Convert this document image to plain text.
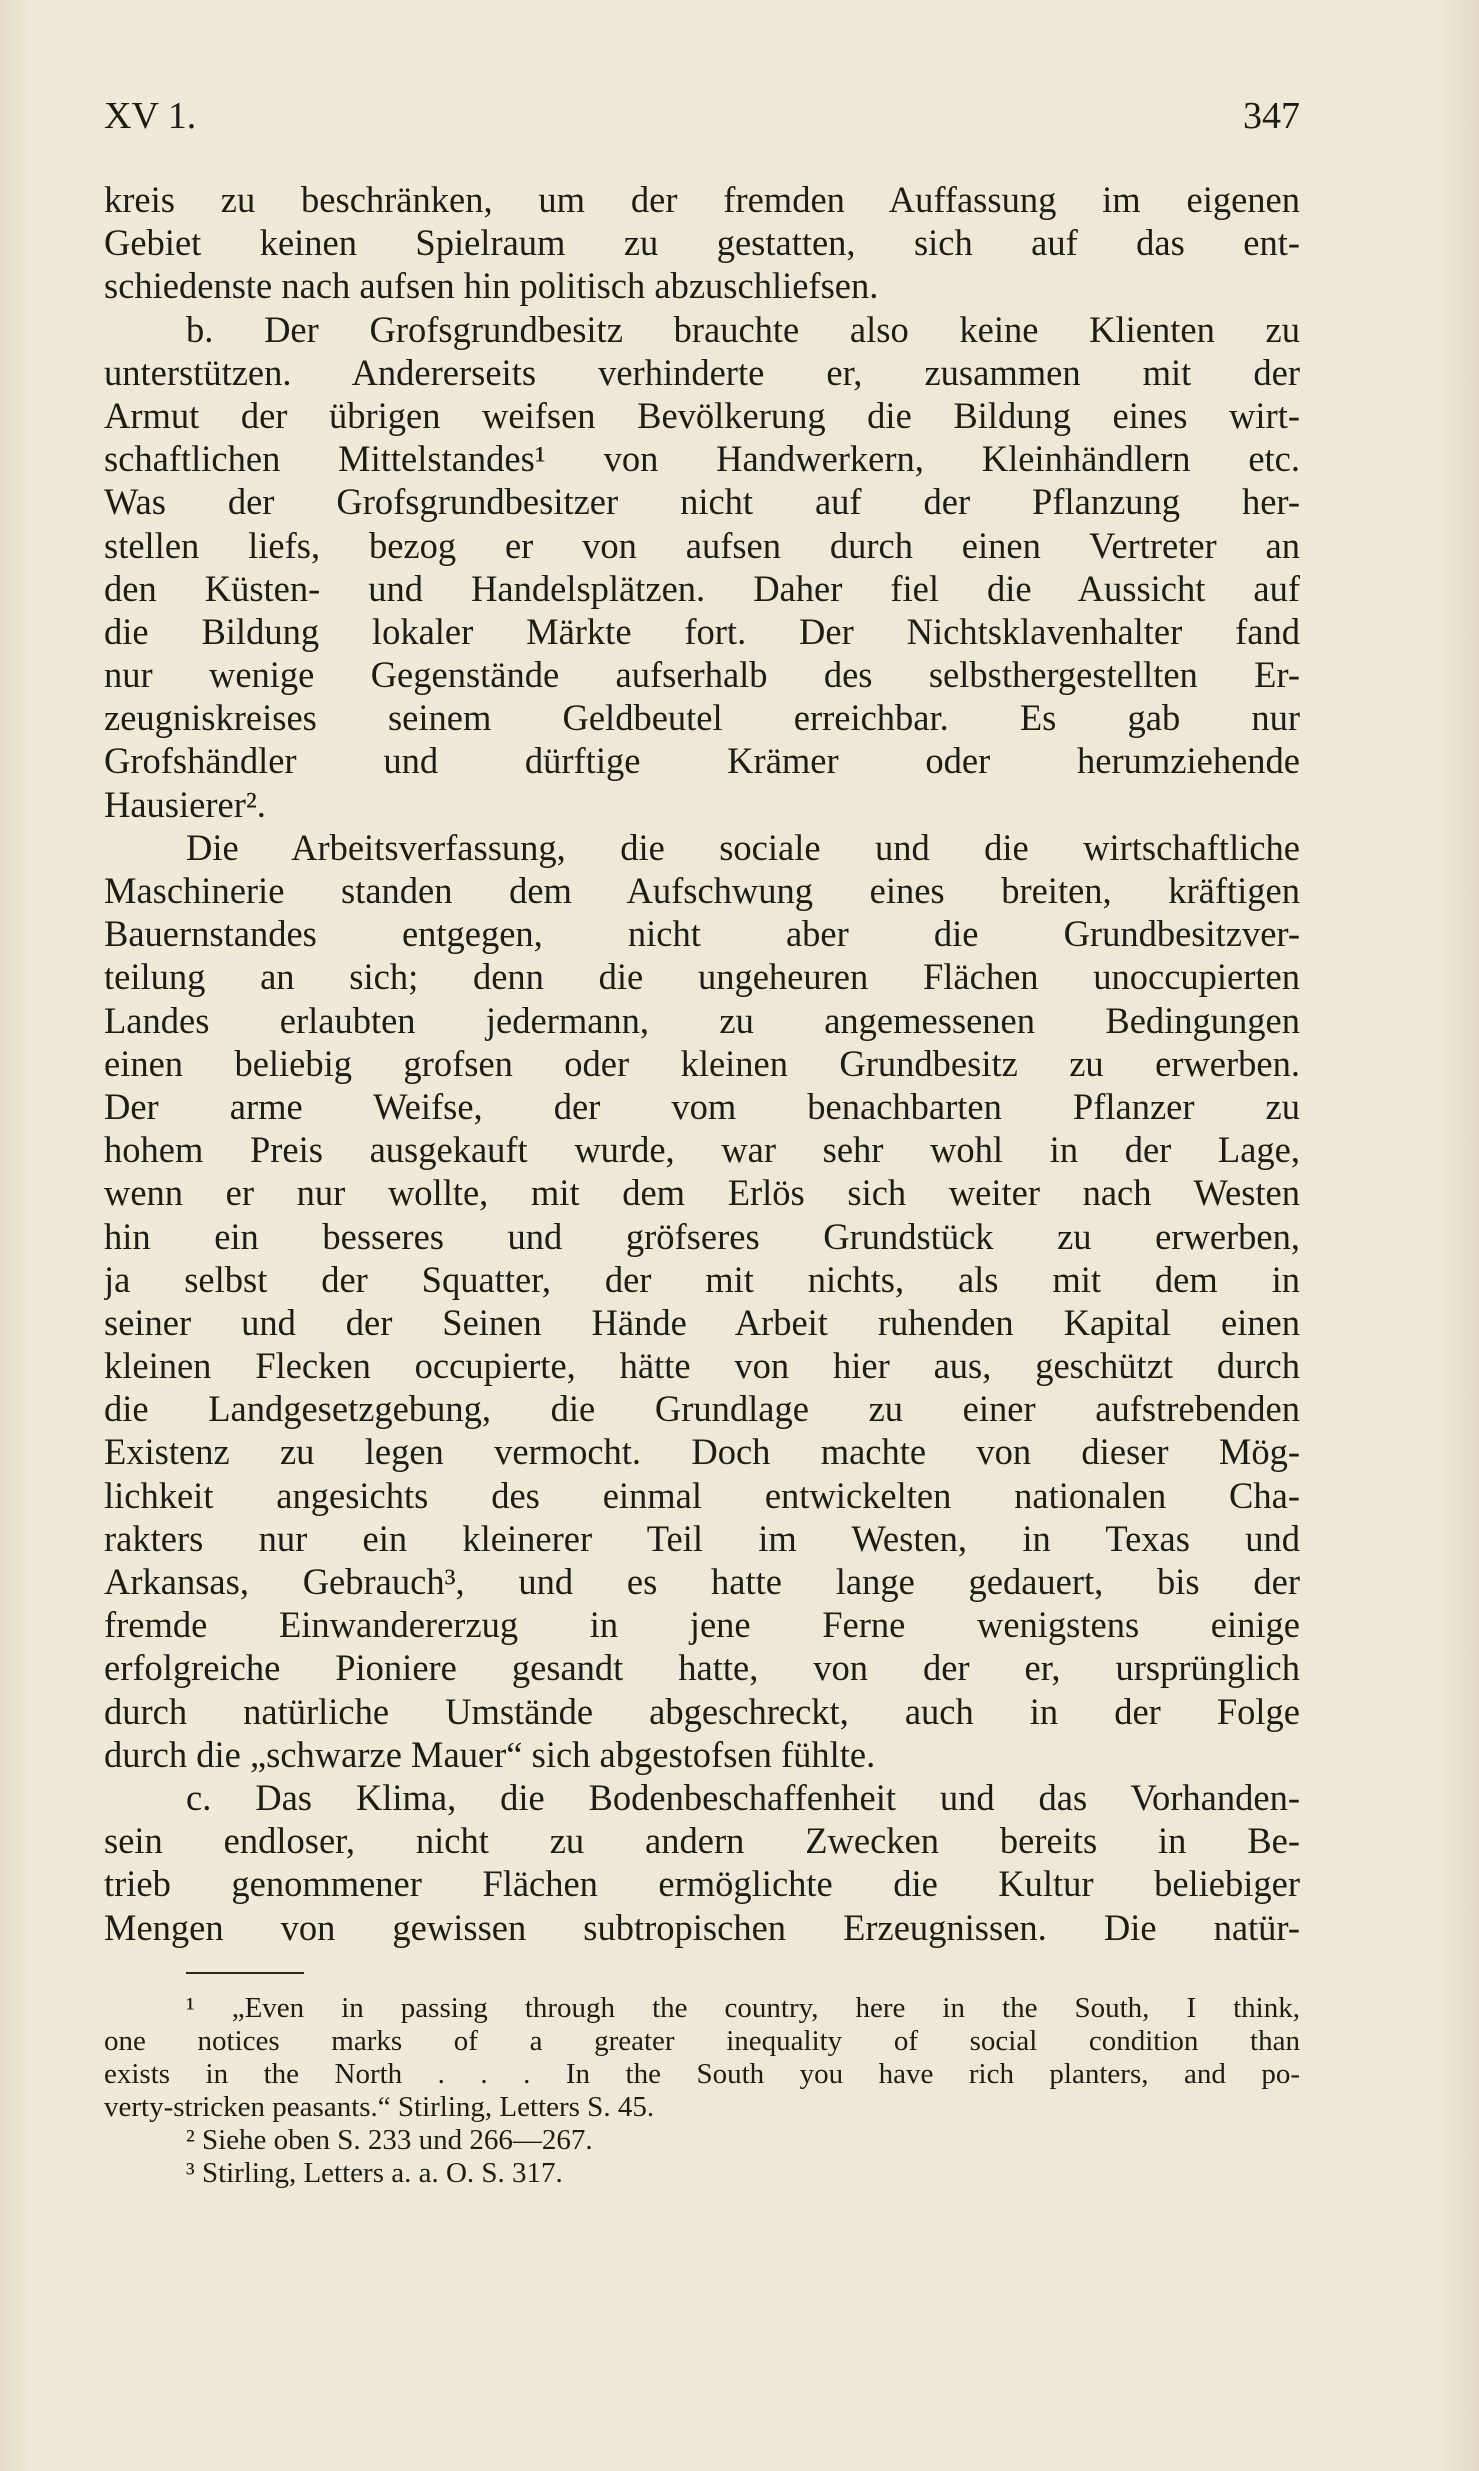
XV 1.	347
kreis zu beschränken, um der fremden Auffassung im eigenen
Gebiet keinen Spielraum zu gestatten, sich auf das ent-
schiedenste nach aufsen hin politisch abzuschliefsen.
b. Der Grofsgrundbesitz brauchte also keine Klienten zu
unterstützen. Andererseits verhinderte er, zusammen mit der
Armut der übrigen weifsen Bevölkerung die Bildung eines wirt-
schaftlichen Mittelstandes¹ von Handwerkern, Kleinhändlern etc.
Was der Grofsgrundbesitzer nicht auf der Pflanzung her-
stellen liefs, bezog er von aufsen durch einen Vertreter an
den Küsten- und Handelsplätzen. Daher fiel die Aussicht auf
die Bildung lokaler Märkte fort. Der Nichtsklavenhalter fand
nur wenige Gegenstände aufserhalb des selbsthergestellten Er-
zeugniskreises seinem Geldbeutel erreichbar. Es gab nur
Grofshändler und dürftige Krämer oder herumziehende
Hausierer².
Die Arbeitsverfassung, die sociale und die wirtschaftliche
Maschinerie standen dem Aufschwung eines breiten, kräftigen
Bauernstandes entgegen, nicht aber die Grundbesitzver-
teilung an sich; denn die ungeheuren Flächen unoccupierten
Landes erlaubten jedermann, zu angemessenen Bedingungen
einen beliebig grofsen oder kleinen Grundbesitz zu erwerben.
Der arme Weifse, der vom benachbarten Pflanzer zu
hohem Preis ausgekauft wurde, war sehr wohl in der Lage,
wenn er nur wollte, mit dem Erlös sich weiter nach Westen
hin ein besseres und gröfseres Grundstück zu erwerben,
ja selbst der Squatter, der mit nichts, als mit dem in
seiner und der Seinen Hände Arbeit ruhenden Kapital einen
kleinen Flecken occupierte, hätte von hier aus, geschützt durch
die Landgesetzgebung, die Grundlage zu einer aufstrebenden
Existenz zu legen vermocht. Doch machte von dieser Mög-
lichkeit angesichts des einmal entwickelten nationalen Cha-
rakters nur ein kleinerer Teil im Westen, in Texas und
Arkansas, Gebrauch³, und es hatte lange gedauert, bis der
fremde Einwandererzug in jene Ferne wenigstens einige
erfolgreiche Pioniere gesandt hatte, von der er, ursprünglich
durch natürliche Umstände abgeschreckt, auch in der Folge
durch die „schwarze Mauer“ sich abgestofsen fühlte.
c. Das Klima, die Bodenbeschaffenheit und das Vorhanden-
sein endloser, nicht zu andern Zwecken bereits in Be-
trieb genommener Flächen ermöglichte die Kultur beliebiger
Mengen von gewissen subtropischen Erzeugnissen. Die natür-
¹ „Even in passing through the country, here in the South, I think,
one notices marks of a greater inequality of social condition than
exists in the North . . . In the South you have rich planters, and po-
verty-stricken peasants.“ Stirling, Letters S. 45.
² Siehe oben S. 233 und 266—267.
³ Stirling, Letters a. a. O. S. 317.
